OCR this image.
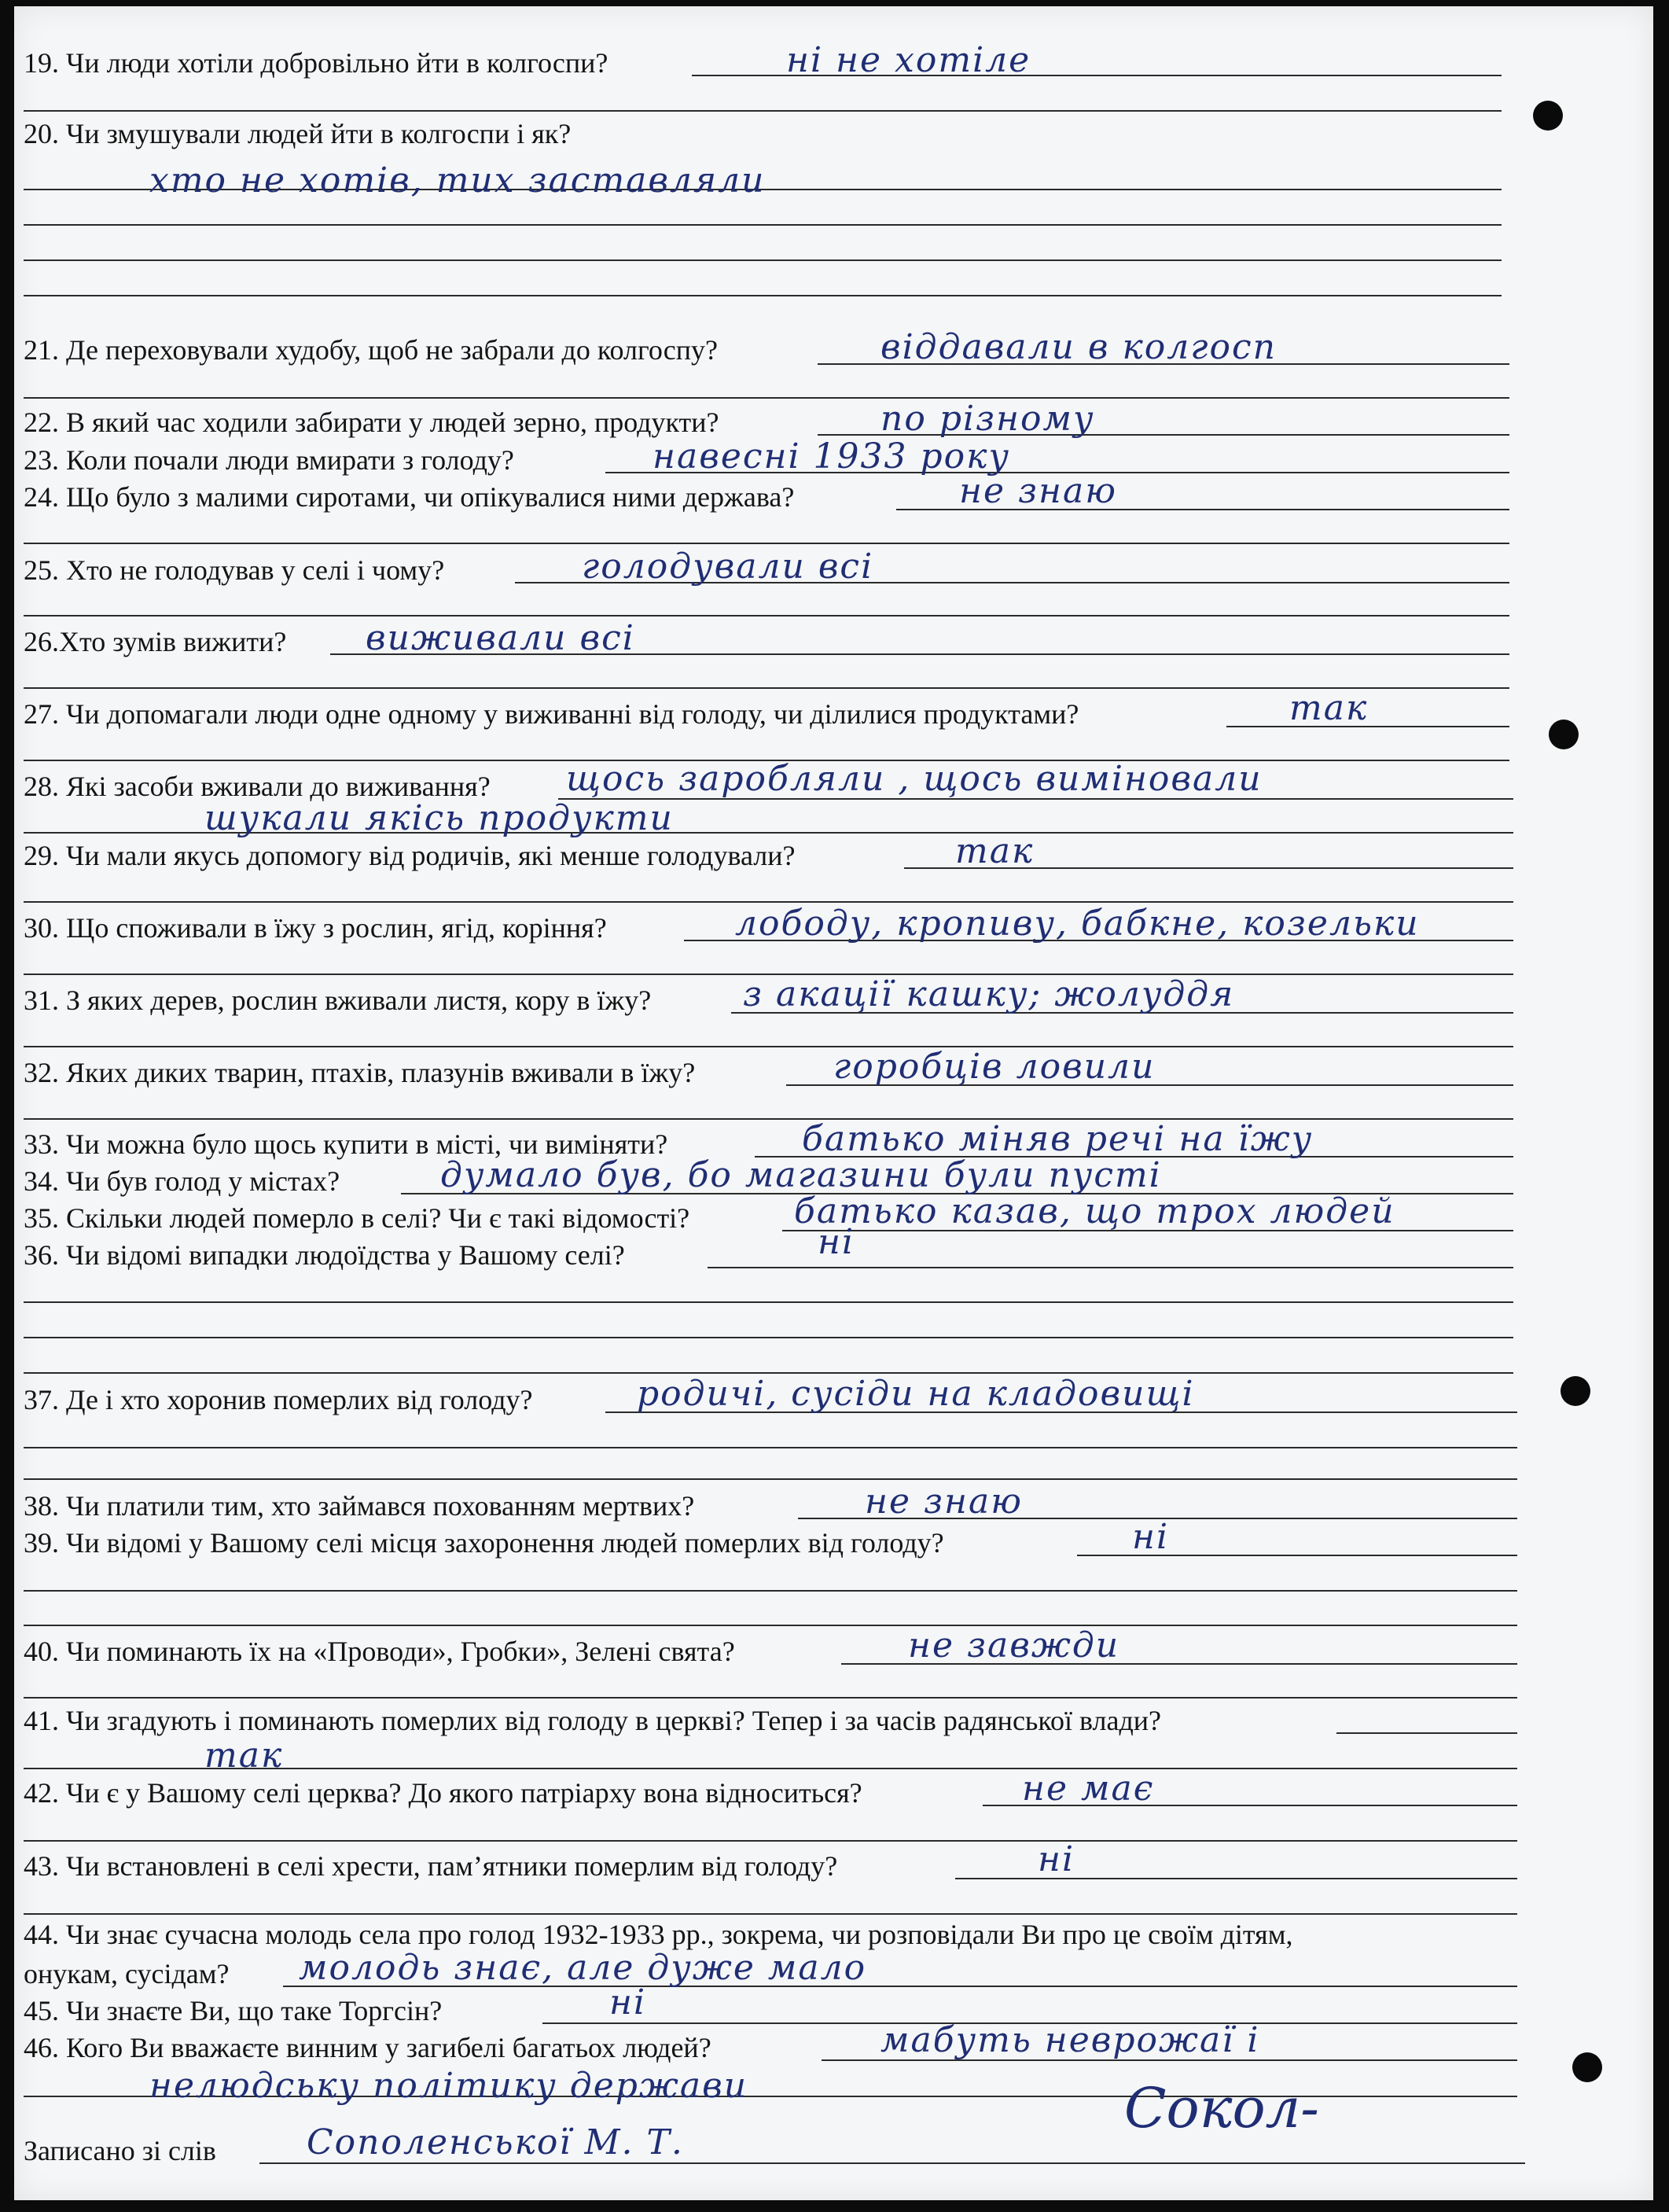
19. Чи люди хотіли добровільно йти в колгоспи?	ні не хотіле
20. Чи змушували людей йти в колгоспи і як?
хто не хотів, тих заставляли
21. Де переховували худобу, щоб не забрали до колгоспу?	віддавали в колгосп
22. В який час ходили забирати у людей зерно, продукти?	по різному
23. Коли почали люди вмирати з голоду?	навесні 1933 року
24. Що було з малими сиротами, чи опікувалися ними держава?	не знаю
25. Хто не голодував у селі і чому?	голодували всі
26.Хто зумів вижити? виживали всі
27. Чи допомагали люди одне одному у виживанні від голоду, чи ділилися продуктами?	так
28. Які засоби вживали до виживання? щось заробляли , щось виміновали
шукали якісь продукти
29. Чи мали якусь допомогу від родичів, які менше голодували?	так
30. Що споживали в їжу з рослин, ягід, коріння?	лободу, кропиву, бабкне, козельки
31. З яких дерев, рослин вживали листя, кору в їжу?	з акації кашку; жолуддя
32. Яких диких тварин, птахів, плазунів вживали в їжу?	горобців ловили
33. Чи можна було щось купити в місті, чи виміняти?	батько міняв речі на їжу
34. Чи був голод у містах?	думало був, бо магазини були пусті
35. Скільки людей померло в селі? Чи є такі відомості?	батько казав, що трох людей
36. Чи відомі випадки людоїдства у Вашому селі?	ні
37. Де і хто хоронив померлих від голоду?	родичі, сусіди на кладовищі
38. Чи платили тим, хто займався похованням мертвих?	не знаю
39. Чи відомі у Вашому селі місця захоронення людей померлих від голоду?	ні
40. Чи поминають їх на «Проводи», Гробки», Зелені свята?	не завжди
41. Чи згадують і поминають померлих від голоду в церкві? Тепер і за часів радянської влади?
так
42. Чи є у Вашому селі церква? До якого патріарху вона відноситься?	не має
43. Чи встановлені в селі хрести, пам’ятники померлим від голоду?	ні
44. Чи знає сучасна молодь села про голод 1932-1933 рр., зокрема, чи розповідали Ви про це своїм дітям,
онукам, сусідам? молодь знає, але дуже мало
45. Чи знаєте Ви, що таке Торгсін?	ні
46. Кого Ви вважаєте винним у загибелі багатьох людей?	мабуть неврожаї і
нелюдську політику держави
Записано зі слів	Сополенської М. Т.
Сокол-
